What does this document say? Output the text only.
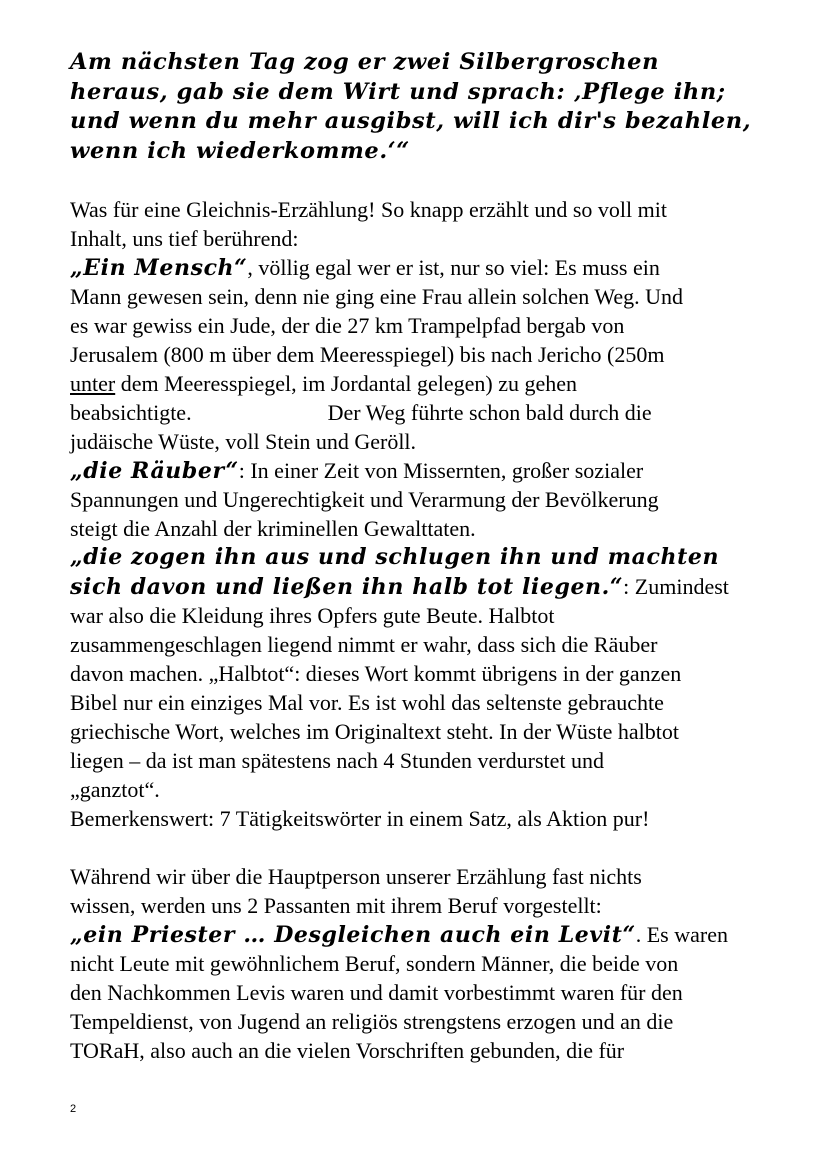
Am nächsten Tag zog er zwei Silbergroschen
heraus, gab sie dem Wirt und sprach: ‚Pflege ihn;
und wenn du mehr ausgibst, will ich dir's bezahlen,
wenn ich wiederkomme.‘“
Was für eine Gleichnis-Erzählung! So knapp erzählt und so voll mit
Inhalt, uns tief berührend:
„Ein Mensch“, völlig egal wer er ist, nur so viel: Es muss ein
Mann gewesen sein, denn nie ging eine Frau allein solchen Weg. Und
es war gewiss ein Jude, der die 27 km Trampelpfad bergab von
Jerusalem (800 m über dem Meeresspiegel) bis nach Jericho (250m
unter dem Meeresspiegel, im Jordantal gelegen) zu gehen
beabsichtigte.	Der Weg führte schon bald durch die
judäische Wüste, voll Stein und Geröll.
„die Räuber“: In einer Zeit von Missernten, großer sozialer
Spannungen und Ungerechtigkeit und Verarmung der Bevölkerung
steigt die Anzahl der kriminellen Gewalttaten.
„die zogen ihn aus und schlugen ihn und machten
sich davon und ließen ihn halb tot liegen.“: Zumindest
war also die Kleidung ihres Opfers gute Beute. Halbtot
zusammengeschlagen liegend nimmt er wahr, dass sich die Räuber
davon machen. „Halbtot“: dieses Wort kommt übrigens in der ganzen
Bibel nur ein einziges Mal vor. Es ist wohl das seltenste gebrauchte
griechische Wort, welches im Originaltext steht. In der Wüste halbtot
liegen – da ist man spätestens nach 4 Stunden verdurstet und
„ganztot“.
Bemerkenswert: 7 Tätigkeitswörter in einem Satz, als Aktion pur!
Während wir über die Hauptperson unserer Erzählung fast nichts
wissen, werden uns 2 Passanten mit ihrem Beruf vorgestellt:
„ein Priester … Desgleichen auch ein Levit“. Es waren
nicht Leute mit gewöhnlichem Beruf, sondern Männer, die beide von
den Nachkommen Levis waren und damit vorbestimmt waren für den
Tempeldienst, von Jugend an religiös strengstens erzogen und an die
TORaH, also auch an die vielen Vorschriften gebunden, die für
2
